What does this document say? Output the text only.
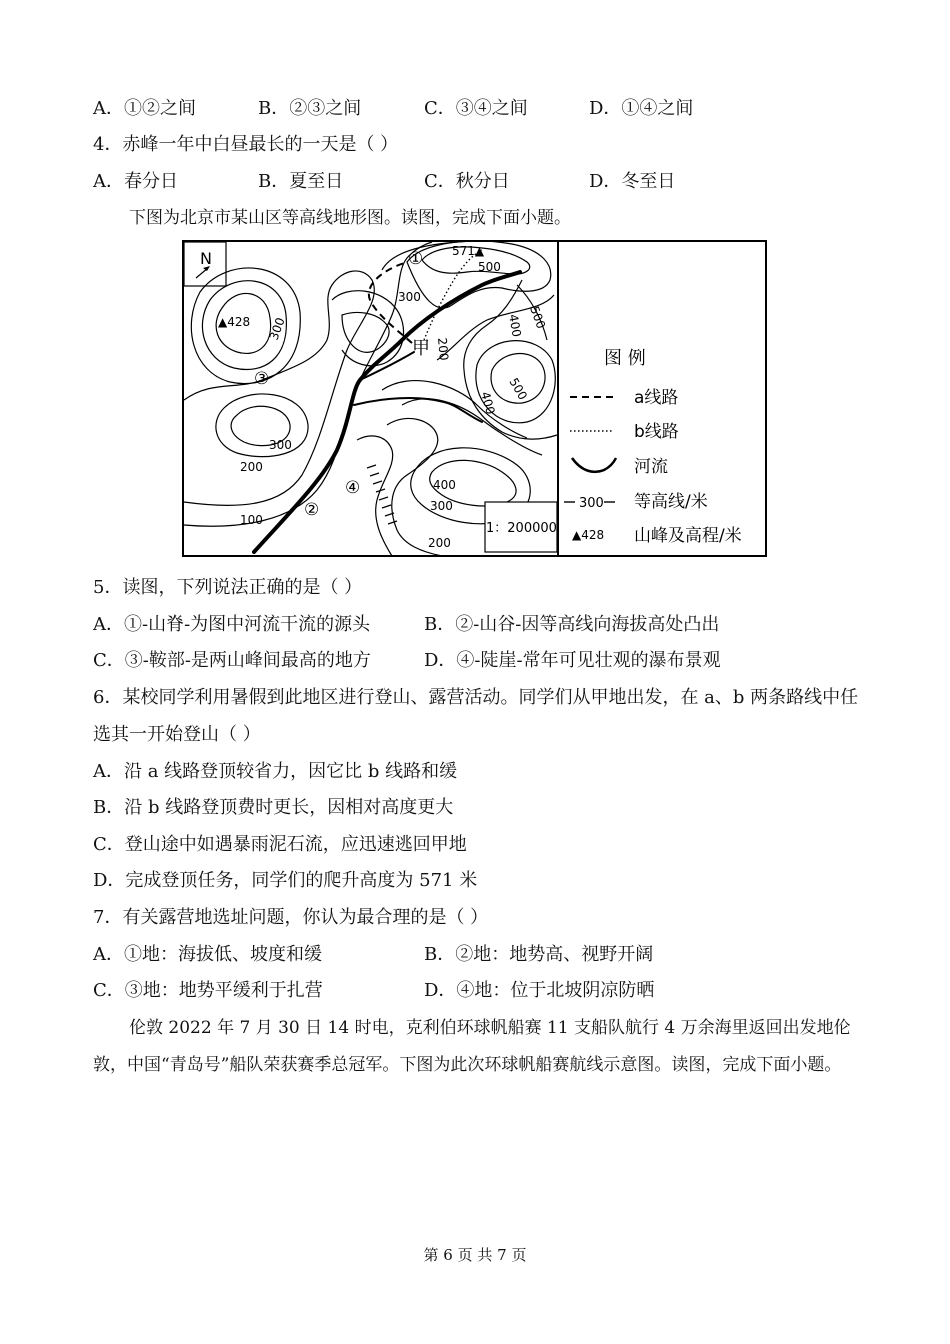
A．①②之间	B．②③之间	C．③④之间	D．①④之间
4．赤峰一年中白昼最长的一天是（ ）
A．春分日	B．夏至日	C．秋分日	D．冬至日
下图为北京市某山区等高线地形图。读图，完成下面小题。
N
▲428
571▲
甲
①
②
③
④
500
300
500
400
200
300
500
400
300
200
100
400
300
200
1：200000
图 例
a线路
b线路
河流
300 等高线/米
▲428 山峰及高程/米
5．读图，下列说法正确的是（ ）
A．①-山脊-为图中河流干流的源头	B．②-山谷-因等高线向海拔高处凸出
C．③-鞍部-是两山峰间最高的地方	D．④-陡崖-常年可见壮观的瀑布景观
6．某校同学利用暑假到此地区进行登山、露营活动。同学们从甲地出发，在 a、b 两条路线中任选其一开始登山（ ）
A．沿 a 线路登顶较省力，因它比 b 线路和缓
B．沿 b 线路登顶费时更长，因相对高度更大
C．登山途中如遇暴雨泥石流，应迅速逃回甲地
D．完成登顶任务，同学们的爬升高度为 571 米
7．有关露营地选址问题，你认为最合理的是（ ）
A．①地：海拔低、坡度和缓	B．②地：地势高、视野开阔
C．③地：地势平缓利于扎营	D．④地：位于北坡阴凉防晒
伦敦 2022 年 7 月 30 日 14 时电，克利伯环球帆船赛 11 支船队航行 4 万余海里返回出发地伦敦，中国“青岛号”船队荣获赛季总冠军。下图为此次环球帆船赛航线示意图。读图，完成下面小题。
第 6 页 共 7 页
